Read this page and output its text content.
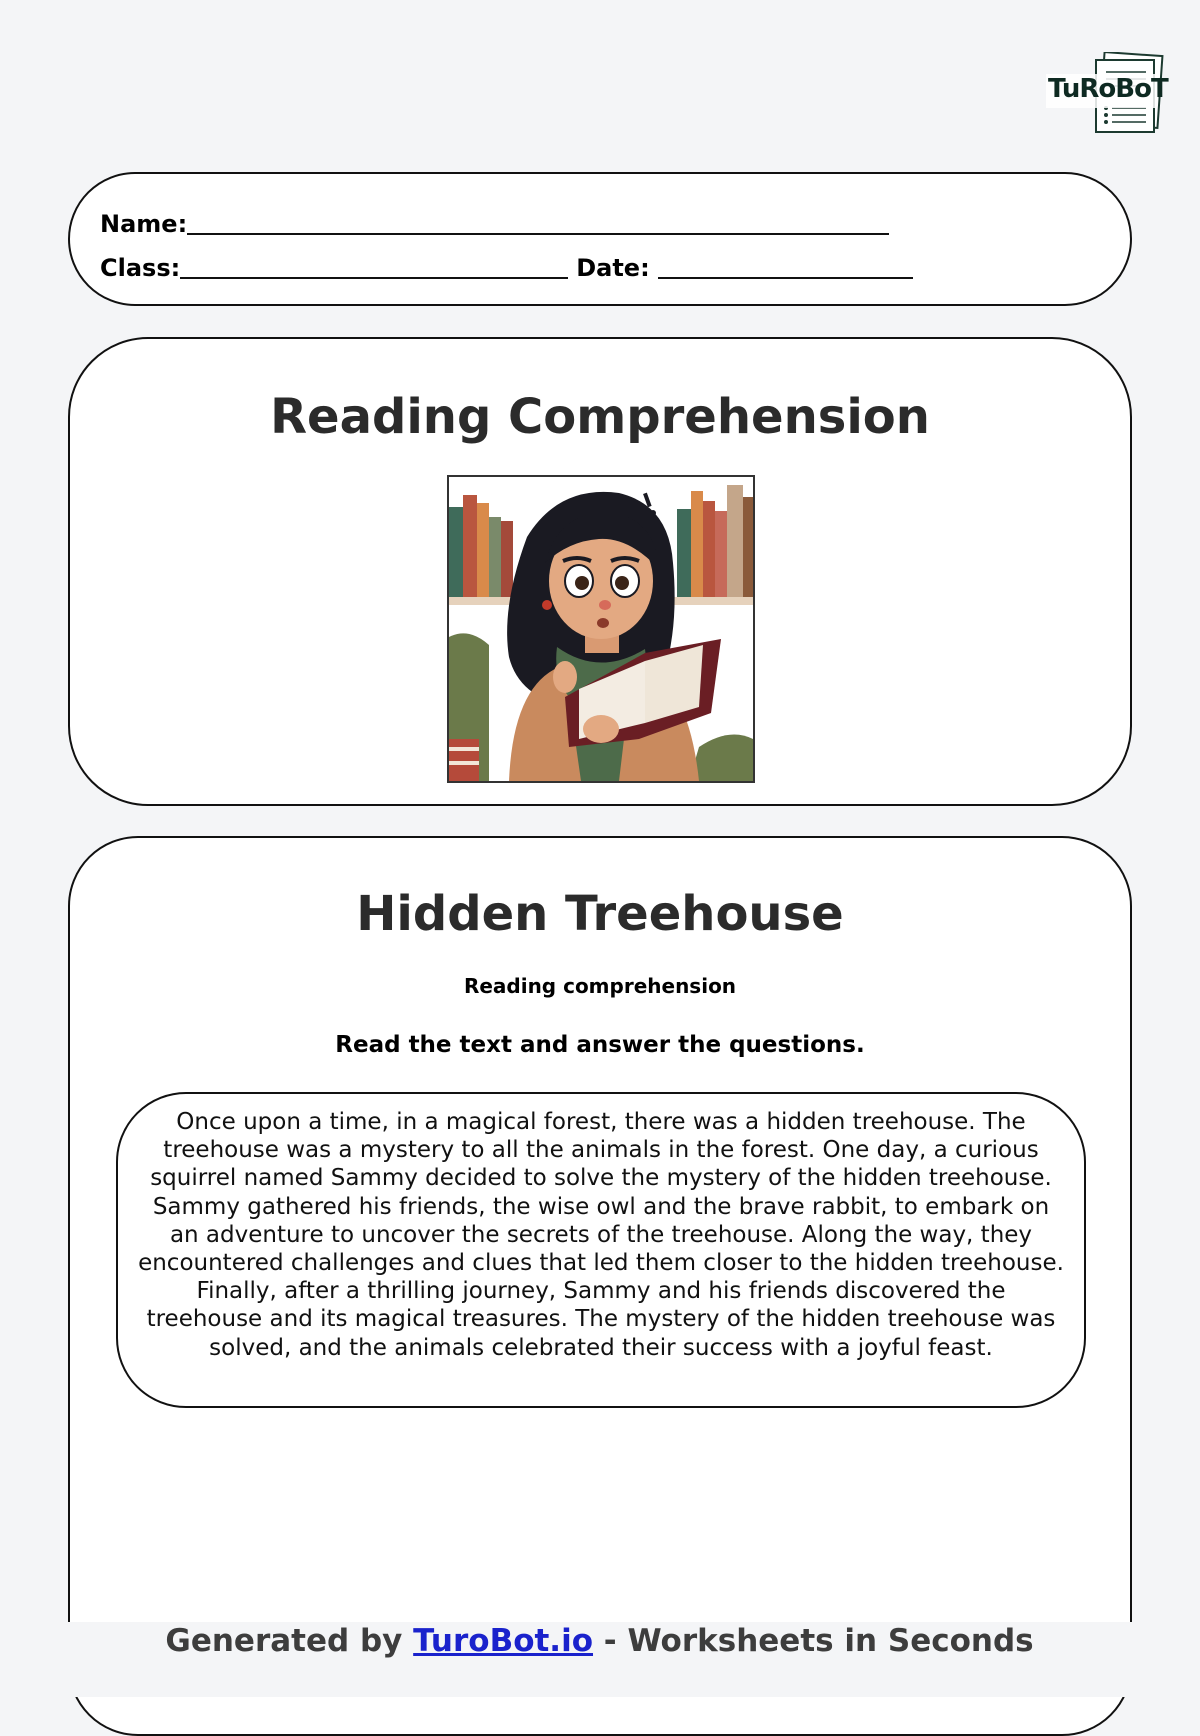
TuRoBoT
Name:
Class:	Date:
Reading Comprehension
Hidden Treehouse
Reading comprehension
Read the text and answer the questions.
Once upon a time, in a magical forest, there was a hidden treehouse. The treehouse was a mystery to all the animals in the forest. One day, a curious squirrel named Sammy decided to solve the mystery of the hidden treehouse. Sammy gathered his friends, the wise owl and the brave rabbit, to embark on an adventure to uncover the secrets of the treehouse. Along the way, they encountered challenges and clues that led them closer to the hidden treehouse. Finally, after a thrilling journey, Sammy and his friends discovered the treehouse and its magical treasures. The mystery of the hidden treehouse was solved, and the animals celebrated their success with a joyful feast.
Generated by TuroBot.io - Worksheets in Seconds
